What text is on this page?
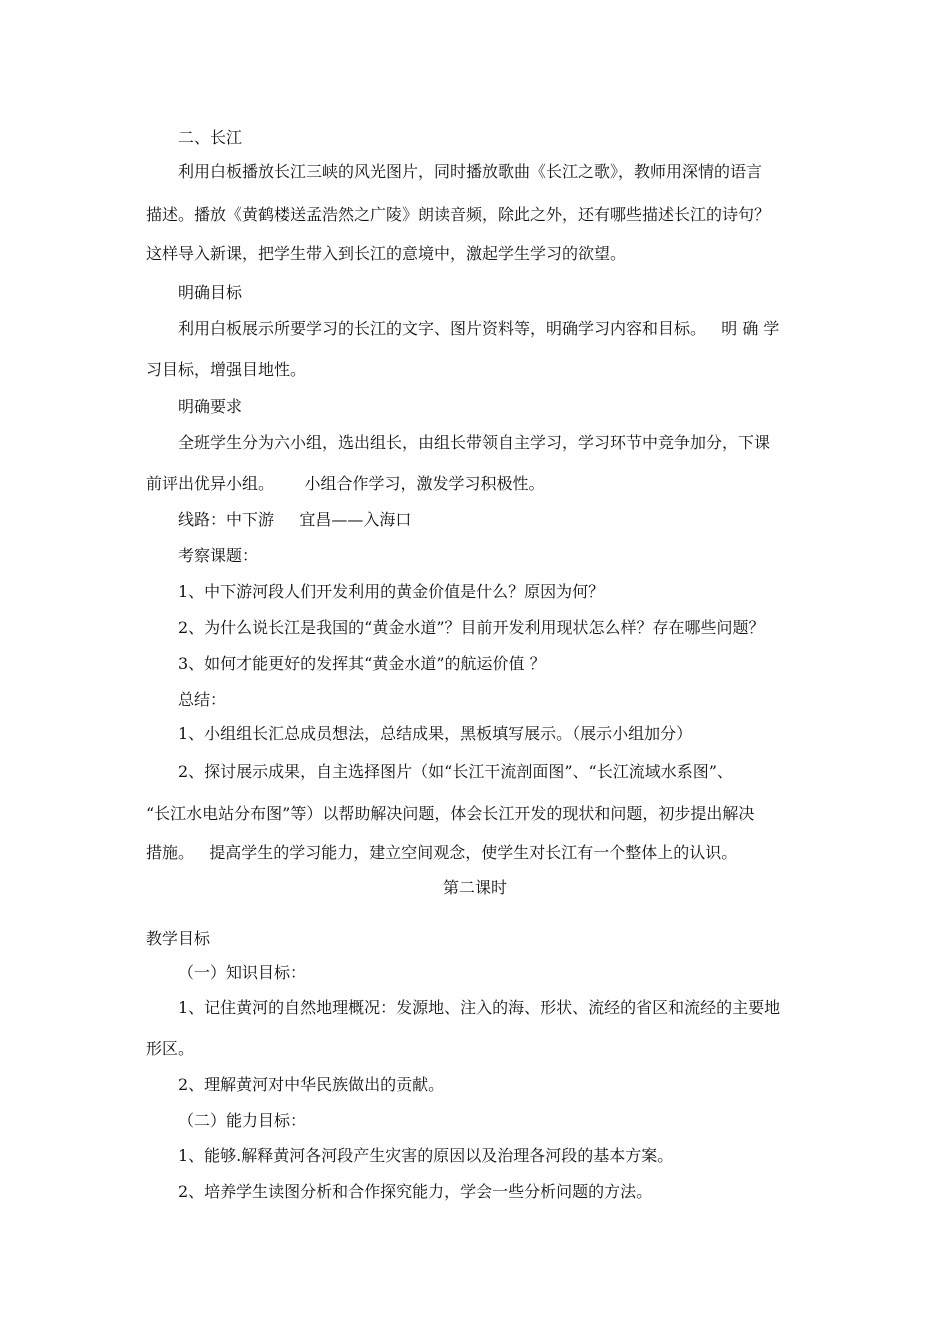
二、长江

利用白板播放长江三峡的风光图片，同时播放歌曲《长江之歌》，教师用深情的语言

描述。播放《黄鹤楼送孟浩然之广陵》朗读音频，除此之外，还有哪些描述长江的诗句？

这样导入新课，把学生带入到长江的意境中，激起学生学习的欲望。

明确目标

利用白板展示所要学习的长江的文字、图片资料等，明确学习内容和目标。   明 确 学

习目标，增强目地性。

明确要求

全班学生分为六小组，选出组长，由组长带领自主学习，学习环节中竞争加分，下课

前评出优异小组。      小组合作学习，激发学习积极性。

线路：中下游     宜昌——入海口

考察课题：

1、中下游河段人们开发利用的黄金价值是什么？原因为何？

2、为什么说长江是我国的“黄金水道”？目前开发利用现状怎么样？存在哪些问题？

3、如何才能更好的发挥其“黄金水道”的航运价值 ？

总结：

1、小组组长汇总成员想法，总结成果，黑板填写展示。（展示小组加分）

2、探讨展示成果，自主选择图片（如“长江干流剖面图”、“长江流域水系图”、

“长江水电站分布图”等）以帮助解决问题，体会长江开发的现状和问题，初步提出解决

措施。   提高学生的学习能力，建立空间观念，使学生对长江有一个整体上的认识。

第二课时

教学目标

（一）知识目标：

1、记住黄河的自然地理概况：发源地、注入的海、形状、流经的省区和流经的主要地

形区。

2、理解黄河对中华民族做出的贡献。

（二）能力目标：

1、能够.解释黄河各河段产生灾害的原因以及治理各河段的基本方案。

2、培养学生读图分析和合作探究能力，学会一些分析问题的方法。
